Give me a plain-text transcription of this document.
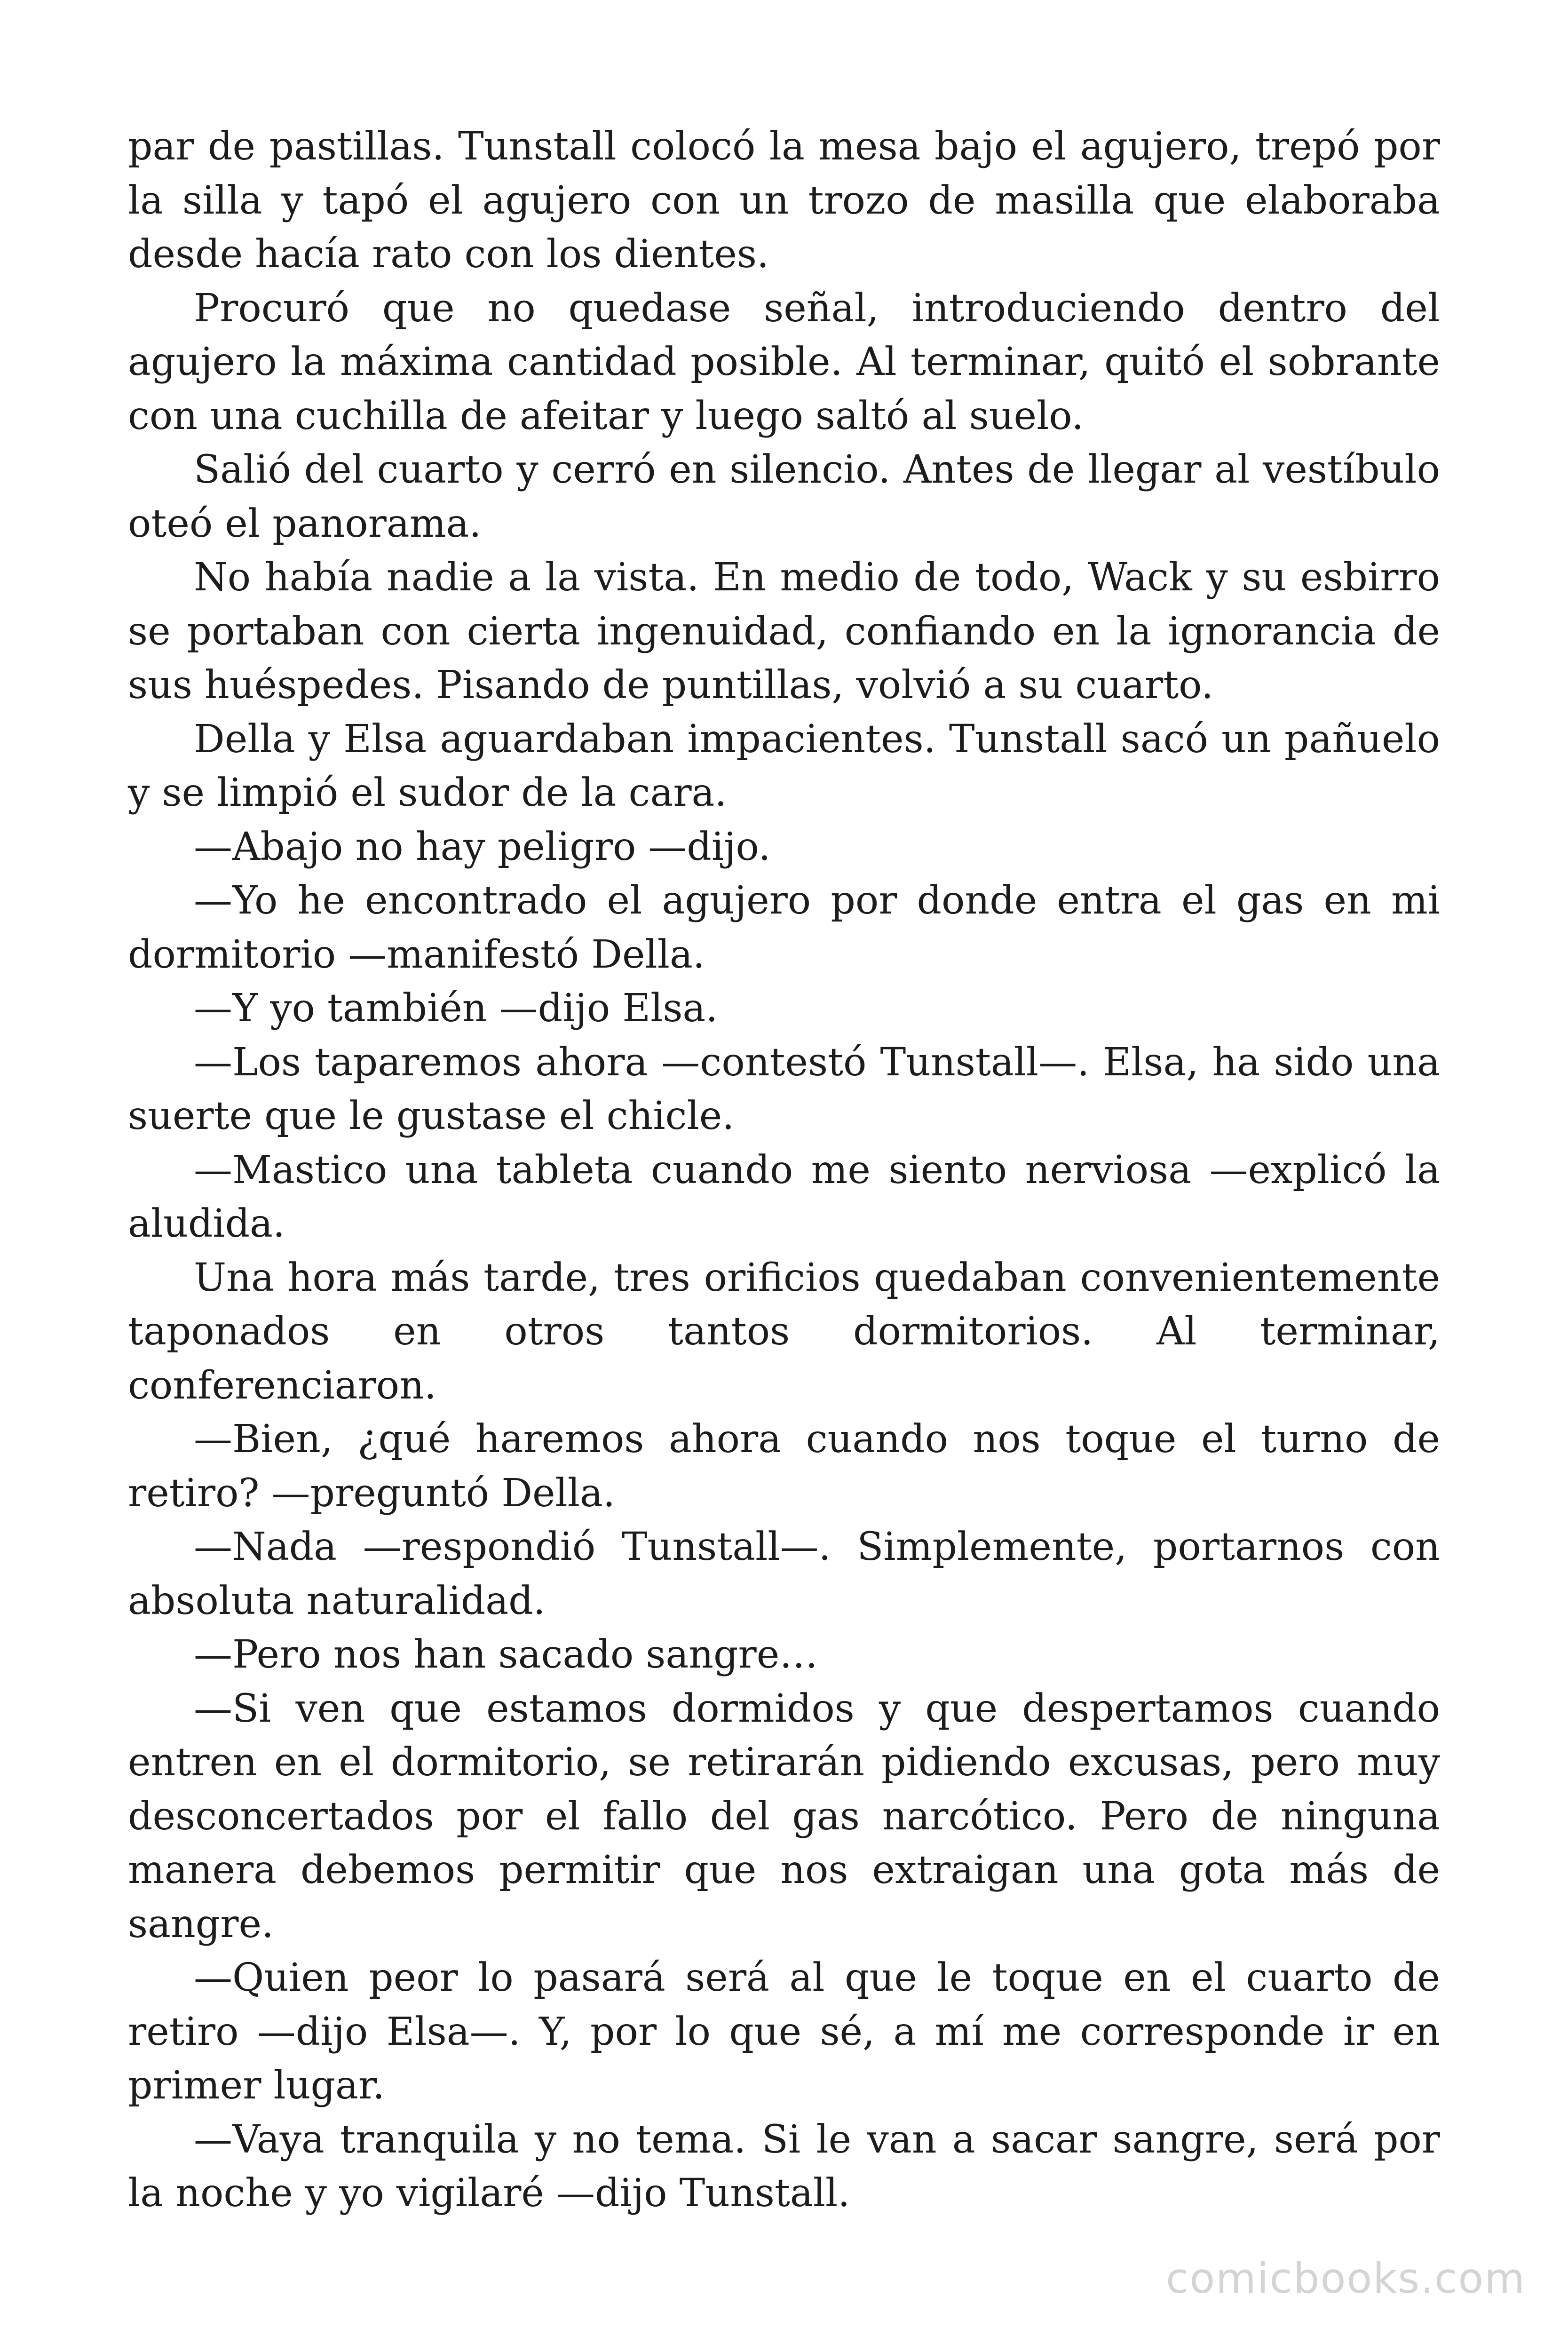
par de pastillas. Tunstall colocó la mesa bajo el agujero, trepó por la silla y tapó el agujero con un trozo de masilla que elaboraba desde hacía rato con los dientes.

Procuró que no quedase señal, introduciendo dentro del agujero la máxima cantidad posible. Al terminar, quitó el sobrante con una cuchilla de afeitar y luego saltó al suelo.

Salió del cuarto y cerró en silencio. Antes de llegar al vestíbulo oteó el panorama.

No había nadie a la vista. En medio de todo, Wack y su esbirro se portaban con cierta ingenuidad, confiando en la ignorancia de sus huéspedes. Pisando de puntillas, volvió a su cuarto.

Della y Elsa aguardaban impacientes. Tunstall sacó un pañuelo y se limpió el sudor de la cara.

—Abajo no hay peligro —dijo.

—Yo he encontrado el agujero por donde entra el gas en mi dormitorio —manifestó Della.

—Y yo también —dijo Elsa.

—Los taparemos ahora —contestó Tunstall—. Elsa, ha sido una suerte que le gustase el chicle.

—Mastico una tableta cuando me siento nerviosa —explicó la aludida.

Una hora más tarde, tres orificios quedaban convenientemente taponados en otros tantos dormitorios. Al terminar, conferenciaron.

—Bien, ¿qué haremos ahora cuando nos toque el turno de retiro? —preguntó Della.

—Nada —respondió Tunstall—. Simplemente, portarnos con absoluta naturalidad.

—Pero nos han sacado sangre…

—Si ven que estamos dormidos y que despertamos cuando entren en el dormitorio, se retirarán pidiendo excusas, pero muy desconcertados por el fallo del gas narcótico. Pero de ninguna manera debemos permitir que nos extraigan una gota más de sangre.

—Quien peor lo pasará será al que le toque en el cuarto de retiro —dijo Elsa—. Y, por lo que sé, a mí me corresponde ir en primer lugar.

—Vaya tranquila y no tema. Si le van a sacar sangre, será por la noche y yo vigilaré —dijo Tunstall.

comicbooks.com
